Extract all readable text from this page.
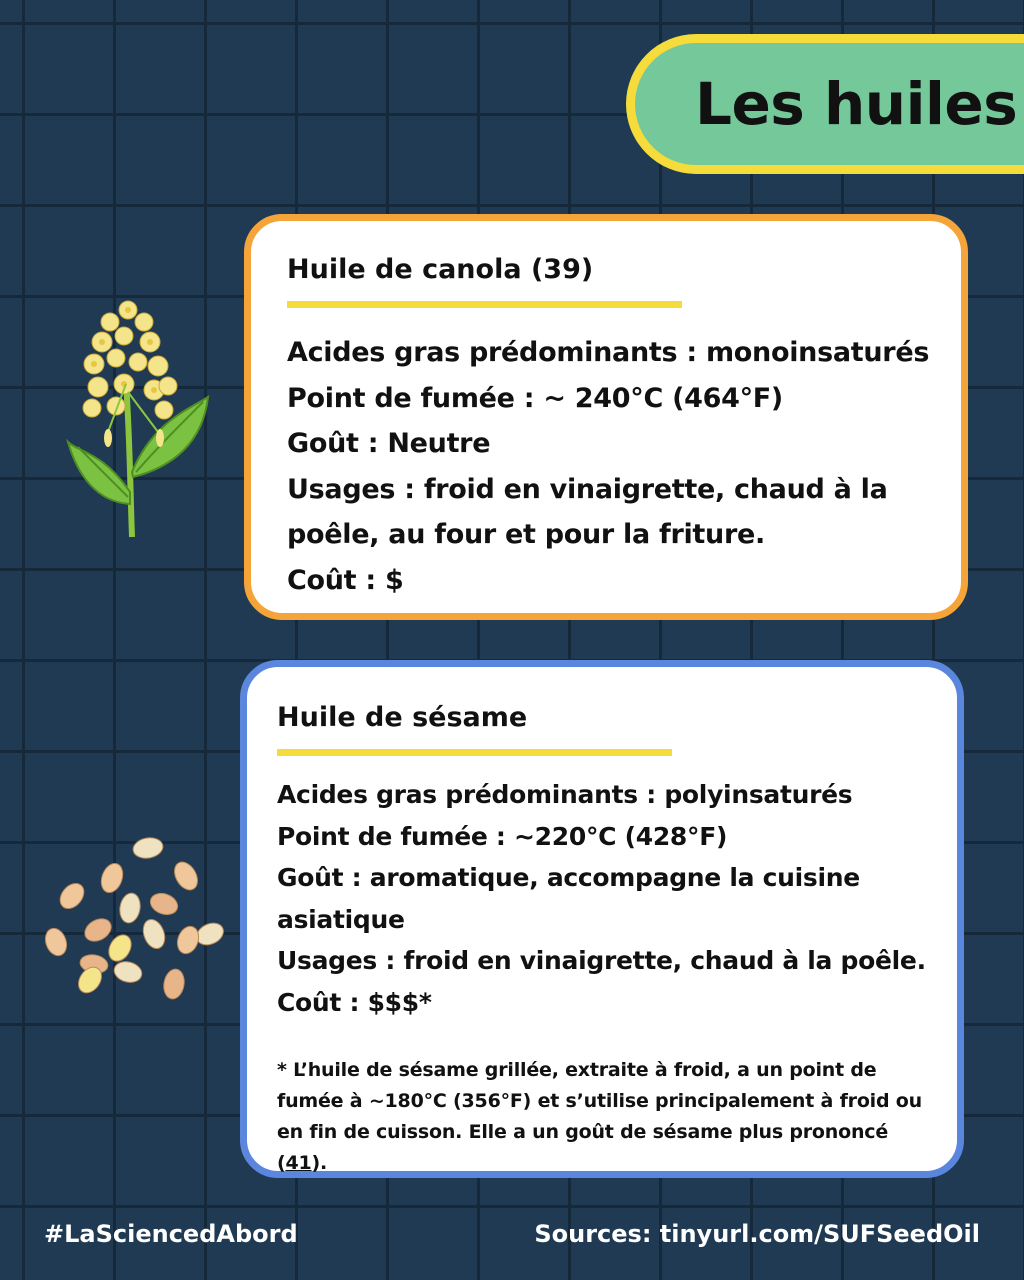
Les huiles
Huile de canola (39)

Acides gras prédominants : monoinsaturés

Point de fumée : ~ 240°C (464°F)

Goût : Neutre

Usages : froid en vinaigrette, chaud à la

poêle, au four et pour la friture.

Coût : $

Huile de sésame

Acides gras prédominants : polyinsaturés

Point de fumée : ~220°C (428°F)

Goût : aromatique, accompagne la cuisine

asiatique

Usages : froid en vinaigrette, chaud à la poêle.

Coût : $$$*

* L’huile de sésame grillée, extraite à froid, a un point de fumée à ~180°C (356°F) et s’utilise principalement à froid ou en fin de cuisson. Elle a un goût de sésame plus prononcé (41).
#LaSciencedAbord	Sources: tinyurl.com/SUFSeedOil
